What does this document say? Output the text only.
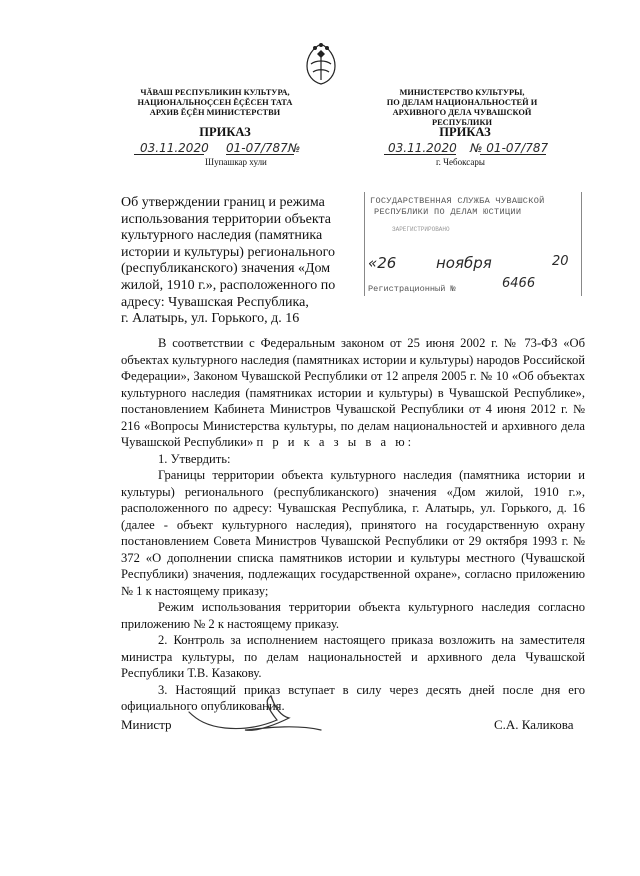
ЧĂВАШ РЕСПУБЛИКИН КУЛЬТУРА,
НАЦИОНАЛЬНОÇСЕН ĔÇĔСЕН ТАТА
АРХИВ ĔÇĔН МИНИСТЕРСТВИ
МИНИСТЕРСТВО КУЛЬТУРЫ,
ПО ДЕЛАМ НАЦИОНАЛЬНОСТЕЙ И
АРХИВНОГО ДЕЛА ЧУВАШСКОЙ РЕСПУБЛИКИ
ПРИКАЗ
03.11.2020 01-07/787№
Шупашкар хули
ПРИКАЗ
03.11.2020 № 01-07/787
г. Чебоксары
Об утверждении границ и режима
использования территории объекта
культурного наследия (памятника
истории и культуры) регионального
(республиканского) значения «Дом
жилой, 1910 г.», расположенного по
адресу: Чувашская Республика,
г. Алатырь, ул. Горького, д. 16
ГОСУДАРСТВЕННАЯ СЛУЖБА ЧУВАШСКОЙ
РЕСПУБЛИКИ ПО ДЕЛАМ ЮСТИЦИИ
ЗАРЕГИСТРИРОВАНО
«26	ноября	20
Регистрационный №	6466

В соответствии с Федеральным законом от 25 июня 2002 г. № 73-ФЗ «Об объектах культурного наследия (памятниках истории и культуры) народов Российской Федерации», Законом Чувашской Республики от 12 апреля 2005 г. № 10 «Об объектах культурного наследия (памятниках истории и культуры) в Чувашской Республике», постановлением Кабинета Министров Чувашской Республики от 4 июня 2012 г. № 216 «Вопросы Министерства культуры, по делам национальностей и архивного дела Чувашской Республики» п р и к а з ы в а ю:

1. Утвердить:

Границы территории объекта культурного наследия (памятника истории и культуры) регионального (республиканского) значения «Дом жилой, 1910 г.», расположенного по адресу: Чувашская Республика, г. Алатырь, ул. Горького, д. 16 (далее - объект культурного наследия), принятого на государственную охрану постановлением Совета Министров Чувашской Республики от 29 октября 1993 г. № 372 «О дополнении списка памятников истории и культуры местного (Чувашской Республики) значения, подлежащих государственной охране», согласно приложению № 1 к настоящему приказу;

Режим использования территории объекта культурного наследия согласно приложению № 2 к настоящему приказу.

2. Контроль за исполнением настоящего приказа возложить на заместителя министра культуры, по делам национальностей и архивного дела Чувашской Республики Т.В. Казакову.

3. Настоящий приказ вступает в силу через десять дней после дня его официального опубликования.

Министр	С.А. Каликова
